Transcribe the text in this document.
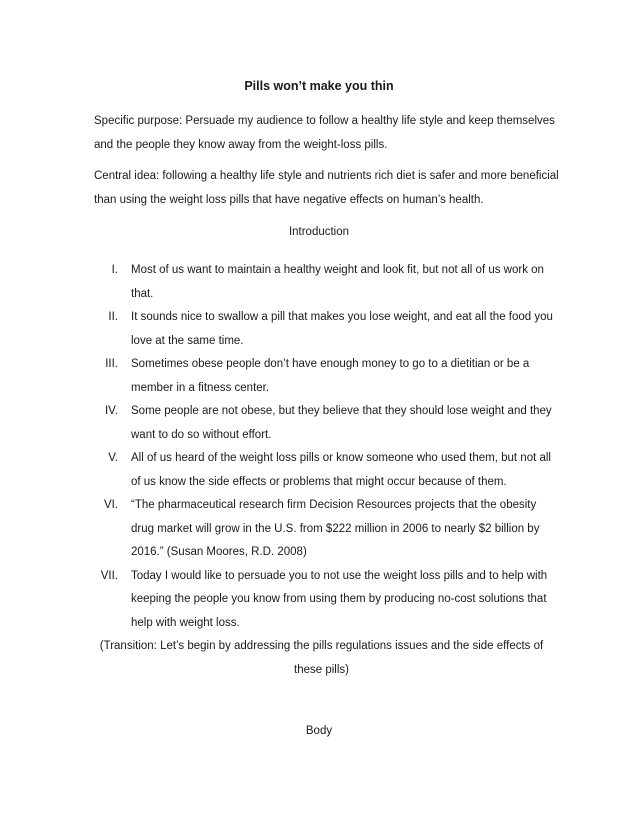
Pills won’t make you thin

Specific purpose: Persuade my audience to follow a healthy life style and keep themselves and the people they know away from the weight-loss pills.

Central idea: following a healthy life style and nutrients rich diet is safer and more beneficial than using the weight loss pills that have negative effects on human’s health.

Introduction
I. Most of us want to maintain a healthy weight and look fit, but not all of us work on that.
II. It sounds nice to swallow a pill that makes you lose weight, and eat all the food you love at the same time.
III. Sometimes obese people don’t have enough money to go to a dietitian or be a member in a fitness center.
IV. Some people are not obese, but they believe that they should lose weight and they want to do so without effort.
V. All of us heard of the weight loss pills or know someone who used them, but not all of us know the side effects or problems that might occur because of them.
VI. “The pharmaceutical research firm Decision Resources projects that the obesity drug market will grow in the U.S. from $222 million in 2006 to nearly $2 billion by 2016.” (Susan Moores, R.D. 2008)
VII. Today I would like to persuade you to not use the weight loss pills and to help with keeping the people you know from using them by producing no-cost solutions that help with weight loss.
(Transition: Let’s begin by addressing the pills regulations issues and the side effects of these pills)
Body
